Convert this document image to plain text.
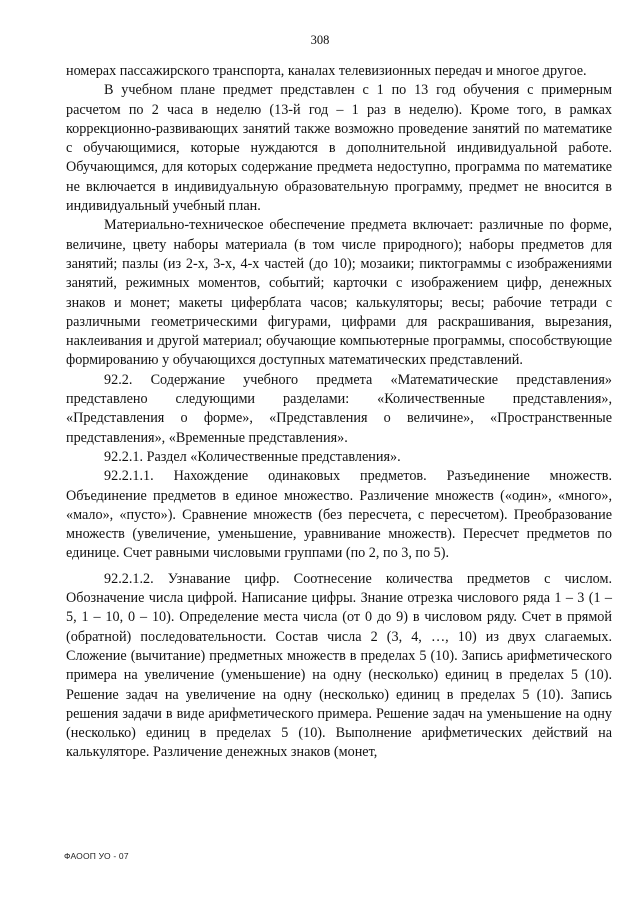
308

номерах пассажирского транспорта, каналах телевизионных передач и многое другое.

В учебном плане предмет представлен с 1 по 13 год обучения с примерным расчетом по 2 часа в неделю (13-й год – 1 раз в неделю). Кроме того, в рамках коррекционно-развивающих занятий также возможно проведение занятий по математике с обучающимися, которые нуждаются в дополнительной индивидуальной работе. Обучающимся, для которых содержание предмета недоступно, программа по математике не включается в индивидуальную образовательную программу, предмет не вносится в индивидуальный учебный план.

Материально-техническое обеспечение предмета включает: различные по форме, величине, цвету наборы материала (в том числе природного); наборы предметов для занятий; пазлы (из 2-х, 3-х, 4-х частей (до 10); мозаики; пиктограммы с изображениями занятий, режимных моментов, событий; карточки с изображением цифр, денежных знаков и монет; макеты циферблата часов; калькуляторы; весы; рабочие тетради с различными геометрическими фигурами, цифрами для раскрашивания, вырезания, наклеивания и другой материал; обучающие компьютерные программы, способствующие формированию у обучающихся доступных математических представлений.

92.2. Содержание учебного предмета «Математические представления» представлено следующими разделами: «Количественные представления», «Представления о форме», «Представления о величине», «Пространственные представления», «Временные представления».

92.2.1. Раздел «Количественные представления».

92.2.1.1. Нахождение одинаковых предметов. Разъединение множеств. Объединение предметов в единое множество. Различение множеств («один», «много», «мало», «пусто»). Сравнение множеств (без пересчета, с пересчетом). Преобразование множеств (увеличение, уменьшение, уравнивание множеств). Пересчет предметов по единице. Счет равными числовыми группами (по 2, по 3, по 5).

92.2.1.2. Узнавание цифр. Соотнесение количества предметов с числом. Обозначение числа цифрой. Написание цифры. Знание отрезка числового ряда 1 – 3 (1 – 5, 1 – 10, 0 – 10). Определение места числа (от 0 до 9) в числовом ряду. Счет в прямой (обратной) последовательности. Состав числа 2 (3, 4, …, 10) из двух слагаемых. Сложение (вычитание) предметных множеств в пределах 5 (10). Запись арифметического примера на увеличение (уменьшение) на одну (несколько) единиц в пределах 5 (10). Решение задач на увеличение на одну (несколько) единиц в пределах 5 (10). Запись решения задачи в виде арифметического примера. Решение задач на уменьшение на одну (несколько) единиц в пределах 5 (10). Выполнение арифметических действий на калькуляторе. Различение денежных знаков (монет,

ФАООП УО - 07
